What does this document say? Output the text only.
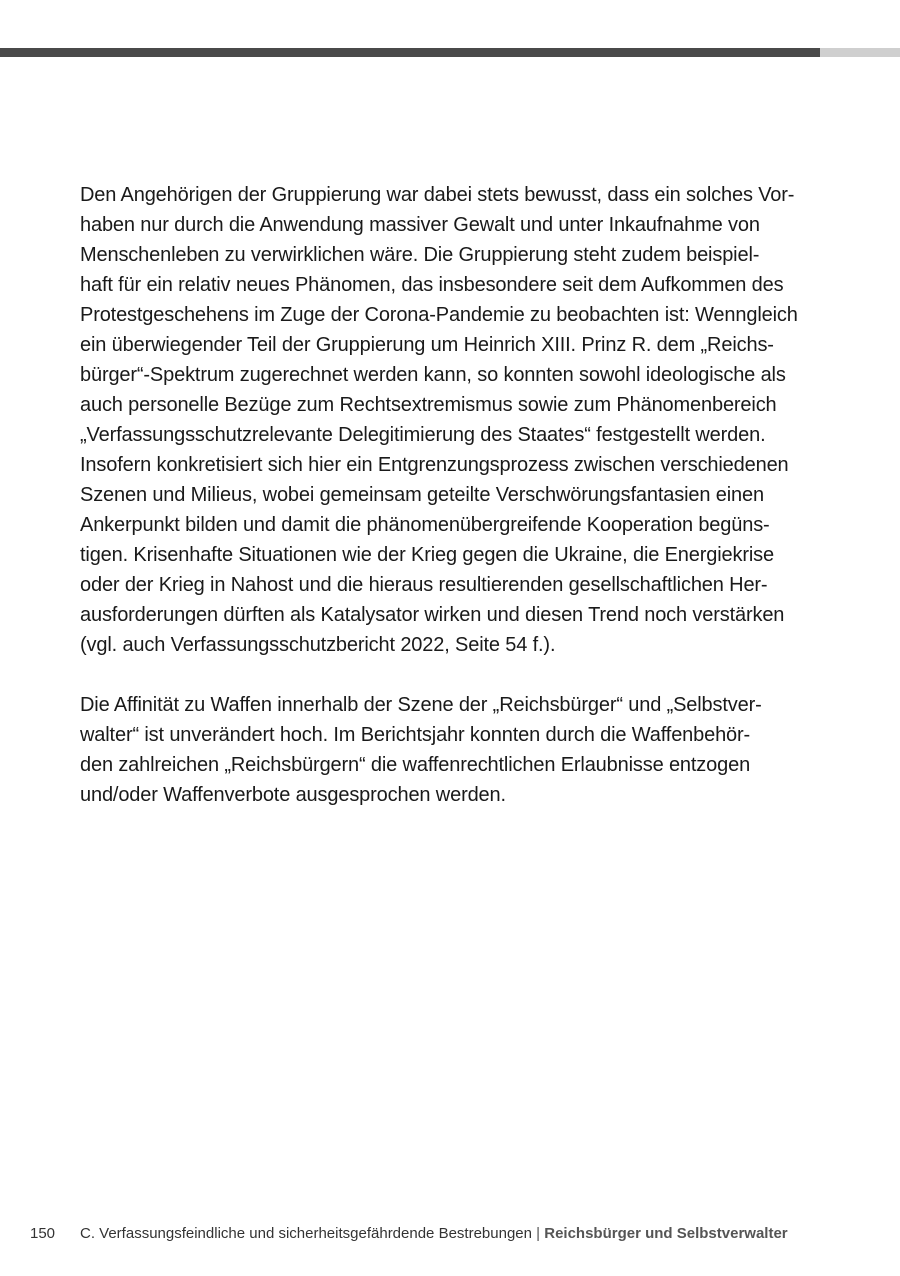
Den Angehörigen der Gruppierung war dabei stets bewusst, dass ein solches Vor-
haben nur durch die Anwendung massiver Gewalt und unter Inkaufnahme von
Menschenleben zu verwirklichen wäre. Die Gruppierung steht zudem beispiel-
haft für ein relativ neues Phänomen, das insbesondere seit dem Aufkommen des
Protestgeschehens im Zuge der Corona-Pandemie zu beobachten ist: Wenngleich
ein überwiegender Teil der Gruppierung um Heinrich XIII. Prinz R. dem „Reichs-
bürger“-Spektrum zugerechnet werden kann, so konnten sowohl ideologische als
auch personelle Bezüge zum Rechtsextremismus sowie zum Phänomenbereich
„Verfassungsschutzrelevante Delegitimierung des Staates“ festgestellt werden.
Insofern konkretisiert sich hier ein Entgrenzungsprozess zwischen verschiedenen
Szenen und Milieus, wobei gemeinsam geteilte Verschwörungsfantasien einen
Ankerpunkt bilden und damit die phänomenübergreifende Kooperation begüns-
tigen. Krisenhafte Situationen wie der Krieg gegen die Ukraine, die Energiekrise
oder der Krieg in Nahost und die hieraus resultierenden gesellschaftlichen Her-
ausforderungen dürften als Katalysator wirken und diesen Trend noch verstärken
(vgl. auch Verfassungsschutzbericht 2022, Seite 54 f.).

Die Affinität zu Waffen innerhalb der Szene der „Reichsbürger“ und „Selbstver-
walter“ ist unverändert hoch. Im Berichtsjahr konnten durch die Waffenbehör-
den zahlreichen „Reichsbürgern“ die waffenrechtlichen Erlaubnisse entzogen
und/oder Waffenverbote ausgesprochen werden.

150 C. Verfassungsfeindliche und sicherheitsgefährdende Bestrebungen | Reichsbürger und Selbstverwalter
